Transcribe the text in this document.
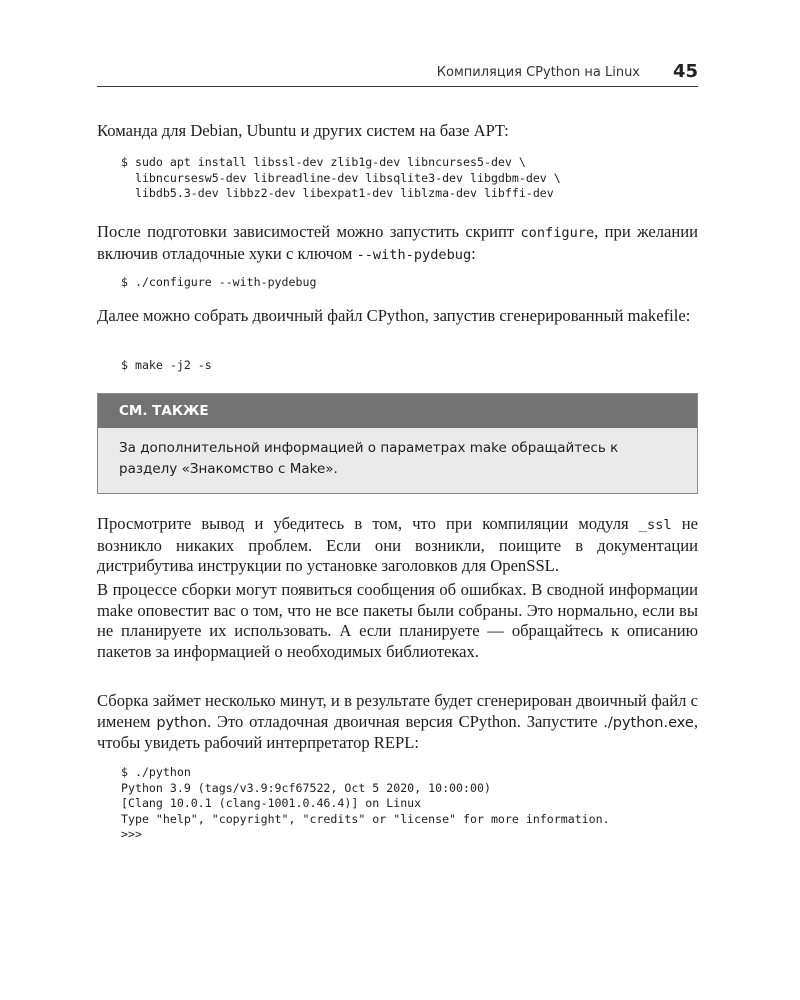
Компиляция CPython на Linux 45

Команда для Debian, Ubuntu и других систем на базе APT:

$ sudo apt install libssl-dev zlib1g-dev libncurses5-dev \
libncursesw5-dev libreadline-dev libsqlite3-dev libgdbm-dev \
libdb5.3-dev libbz2-dev libexpat1-dev liblzma-dev libffi-dev

После подготовки зависимостей можно запустить скрипт configure, при желании включив отладочные хуки с ключом --with-pydebug:

$ ./configure --with-pydebug

Далее можно собрать двоичный файл CPython, запустив сгенерированный makefile:

$ make -j2 -s
СМ. ТАКЖЕ

За дополнительной информацией о параметрах make обращайтесь к разделу «Знакомство с Make».

Просмотрите вывод и убедитесь в том, что при компиляции модуля _ssl не возникло никаких проблем. Если они возникли, поищите в документации дистрибутива инструкции по установке заголовков для OpenSSL.

В процессе сборки могут появиться сообщения об ошибках. В сводной информации make оповестит вас о том, что не все пакеты были собраны. Это нормально, если вы не планируете их использовать. А если планируете — обращайтесь к описанию пакетов за информацией о необходимых библиотеках.

Сборка займет несколько минут, и в результате будет сгенерирован двоичный файл с именем python. Это отладочная двоичная версия CPython. Запустите ./python.exe, чтобы увидеть рабочий интерпретатор REPL:

$ ./python
Python 3.9 (tags/v3.9:9cf67522, Oct 5 2020, 10:00:00)
[Clang 10.0.1 (clang-1001.0.46.4)] on Linux
Type "help", "copyright", "credits" or "license" for more information.
>>>
